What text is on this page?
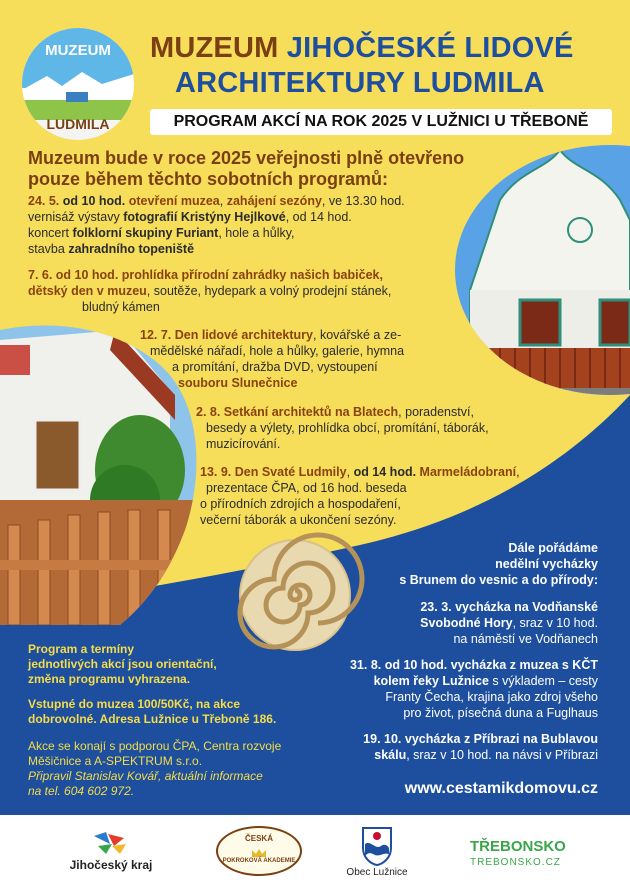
MUZEUM
LUDMILA
MUZEUM JIHOČESKÉ LIDOVÉ
ARCHITEKTURY LUDMILA
PROGRAM AKCÍ NA ROK 2025 V LUŽNICI U TŘEBONĚ
Muzeum bude v roce 2025 veřejnosti plně otevřeno
pouze během těchto sobotních programů:
24. 5. od 10 hod. otevření muzea, zahájení sezóny, ve 13.30 hod.
vernisáž výstavy fotografií Kristýny Hejlkové, od 14 hod.
koncert folklorní skupiny Furiant, hole a hůlky,
stavba zahradního topeniště
7. 6. od 10 hod. prohlídka přírodní zahrádky našich babiček,
dětský den v muzeu, soutěže, hydepark a volný prodejní stánek,
bludný kámen
12. 7. Den lidové architektury, kovářské a ze-
mědělské nářadí, hole a hůlky, galerie, hymna
a promítání, dražba DVD, vystoupení
souboru Slunečnice
2. 8. Setkání architektů na Blatech, poradenství,
besedy a výlety, prohlídka obcí, promítání, táborák,
muzicírování.
13. 9. Den Svaté Ludmily, od 14 hod. Marmeládobraní,
prezentace ČPA, od 16 hod. beseda
o přírodních zdrojích a hospodaření,
večerní táborák a ukončení sezóny.
Dále pořádáme
nedělní vycházky
s Brunem do vesnic a do přírody:
23. 3. vycházka na Vodňanské
Svobodné Hory, sraz v 10 hod.
na náměstí ve Vodňanech
31. 8. od 10 hod. vycházka z muzea s KČT
kolem řeky Lužnice s výkladem – cesty
Franty Čecha, krajina jako zdroj všeho
pro život, písečná duna a Fuglhaus
19. 10. vycházka z Příbrazi na Bublavou
skálu, sraz v 10 hod. na návsi v Příbrazi
www.cestamikdomovu.cz
Program a termíny
jednotlivých akcí jsou orientační,
změna programu vyhrazena.
Vstupné do muzea 100/50Kč, na akce
dobrovolné. Adresa Lužnice u Třeboně 186.
Akce se konají s podporou ČPA, Centra rozvoje
Měšičnice a A-SPEKTRUM s.r.o.
Připravil Stanislav Kovář, aktuální informace
na tel. 604 602 972.
Jihočeský kraj
ČESKÁ
POKROKOVÁ AKADEMIE
Obec Lužnice
TŘEBONSKO
TREBONSKO.CZ
